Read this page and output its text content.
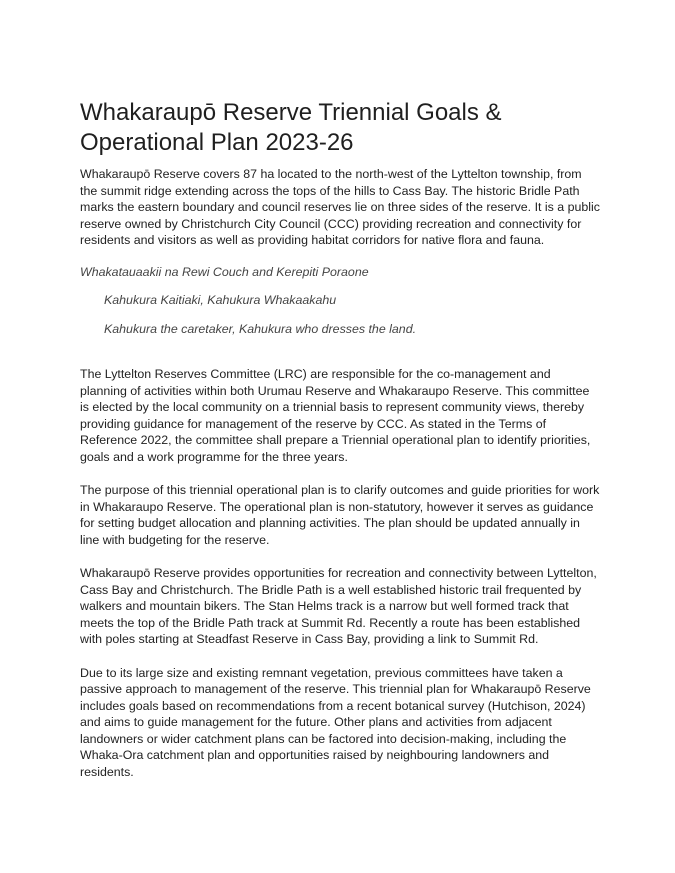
Whakaraupō Reserve Triennial Goals & Operational Plan 2023-26

Whakaraupō Reserve covers 87 ha located to the north-west of the Lyttelton township, from the summit ridge extending across the tops of the hills to Cass Bay. The historic Bridle Path marks the eastern boundary and council reserves lie on three sides of the reserve. It is a public reserve owned by Christchurch City Council (CCC) providing recreation and connectivity for residents and visitors as well as providing habitat corridors for native flora and fauna.

Whakatauaakii na Rewi Couch and Kerepiti Poraone
Kahukura Kaitiaki, Kahukura Whakaakahu
Kahukura the caretaker, Kahukura who dresses the land.

The Lyttelton Reserves Committee (LRC) are responsible for the co-management and planning of activities within both Urumau Reserve and Whakaraupo Reserve. This committee is elected by the local community on a triennial basis to represent community views, thereby providing guidance for management of the reserve by CCC. As stated in the Terms of Reference 2022, the committee shall prepare a Triennial operational plan to identify priorities, goals and a work programme for the three years.

The purpose of this triennial operational plan is to clarify outcomes and guide priorities for work in Whakaraupo Reserve. The operational plan is non-statutory, however it serves as guidance for setting budget allocation and planning activities. The plan should be updated annually in line with budgeting for the reserve.

Whakaraupō Reserve provides opportunities for recreation and connectivity between Lyttelton, Cass Bay and Christchurch. The Bridle Path is a well established historic trail frequented by walkers and mountain bikers. The Stan Helms track is a narrow but well formed track that meets the top of the Bridle Path track at Summit Rd. Recently a route has been established with poles starting at Steadfast Reserve in Cass Bay, providing a link to Summit Rd.

Due to its large size and existing remnant vegetation, previous committees have taken a passive approach to management of the reserve. This triennial plan for Whakaraupō Reserve includes goals based on recommendations from a recent botanical survey (Hutchison, 2024) and aims to guide management for the future. Other plans and activities from adjacent landowners or wider catchment plans can be factored into decision-making, including the Whaka-Ora catchment plan and opportunities raised by neighbouring landowners and residents.
